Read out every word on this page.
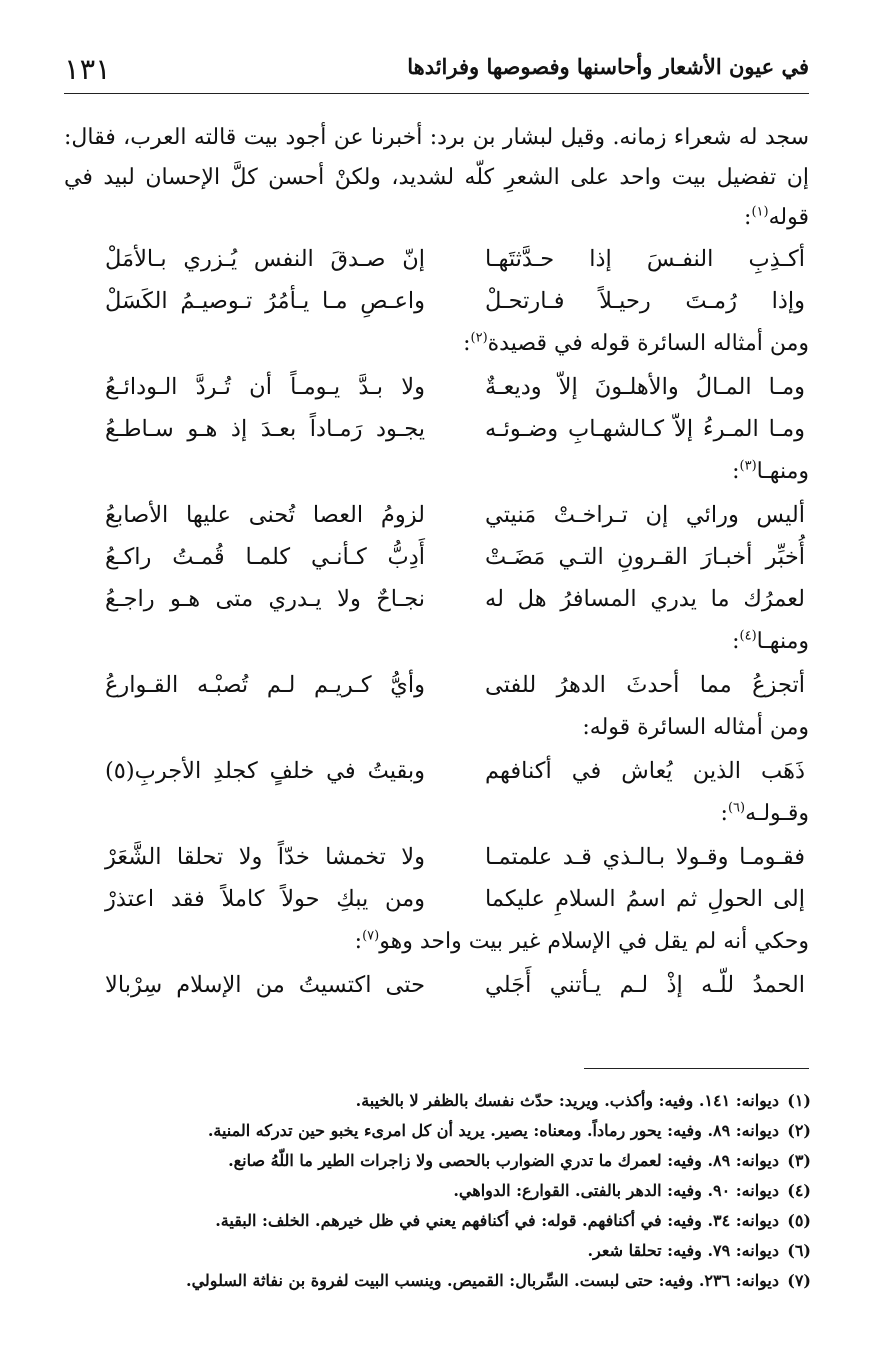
في عيون الأشعار وأحاسنها وفصوصها وفرائدها
١٣١

سجد له شعراء زمانه. وقيل لبشار بن برد: أخبرنا عن أجود بيت قالته العرب، فقال: إن تفضيل بيت واحد على الشعرِ كلّه لشديد، ولكنْ أحسن كلَّ الإحسان لبيد في قوله$^{(١)}$:

أكـذِبِ النفـسَ إذا حـدَّثتَهـا
إنّ صـدقَ النفس يُـزري بـالأمَلْ
وإذا رُمـتَ رحيـلاً فـارتحـلْ
واعـصِ مـا يـأمُرُ تـوصيـمُ الكَسَلْ
ومن أمثاله السائرة قوله في قصيدة$^{(٢)}$:
ومـا المـالُ والأهلـونَ إلاّ وديعـةٌ
ولا بـدَّ يـومـاً أن تُـردَّ الـودائـعُ
ومـا المـرءُ إلاّ كـالشهـابِ وضـوئـه
يجـود رَمـاداً بعـدَ إذ هـو سـاطـعُ
ومنهـا$^{(٣)}$:
أليس ورائي إن تـراخـتْ مَنيتي
لزومُ العصا تُحنى عليها الأصابعُ
أُخبِّر أخبـارَ القـرونِ التـي مَضَـتْ
أَدِبُّ كـأنـي كلمـا قُمـتُ راكـعُ
لعمرُك ما يدري المسافرُ هل له
نجـاحٌ ولا يـدري متى هـو راجـعُ
ومنهـا$^{(٤)}$:
أتجزعُ مما أحدثَ الدهرُ للفتى
وأيُّ كـريـم لـم تُصبْـه القـوارعُ
ومن أمثاله السائرة قوله:
ذَهَب الذين يُعاش في أكنافهم
وبقيتُ في خلفٍ كجلدِ الأجربِ(٥)
وقـولـه$^{(٦)}$:
فقـومـا وقـولا بـالـذي قـد علمتمـا
ولا تخمشا خدّاً ولا تحلقا الشَّعَرْ
إلى الحولِ ثم اسمُ السلامِ عليكما
ومن يبكِ حولاً كاملاً فقد اعتذرْ
وحكي أنه لم يقل في الإسلام غير بيت واحد وهو$^{(٧)}$:
الحمدُ للّـه إذْ لـم يـأتني أَجَلي
حتى اكتسيتُ من الإسلام سِرْبالا
(١)
ديوانه: ١٤١. وفيه: وأكذب. ويريد: حدّث نفسك بالظفر لا بالخيبة.
(٢)
ديوانه: ٨٩. وفيه: يحور رماداً. ومعناه: يصير. يريد أن كل امرىء يخبو حين تدركه المنية.
(٣)
ديوانه: ٨٩. وفيه: لعمرك ما تدري الضوارب بالحصى ولا زاجرات الطير ما اللّهُ صانع.
(٤)
ديوانه: ٩٠. وفيه: الدهر بالفتى. القوارع: الدواهي.
(٥)
ديوانه: ٣٤. وفيه: في أكنافهم. قوله: في أكنافهم يعني في ظل خيرهم. الخلف: البقية.
(٦)
ديوانه: ٧٩. وفيه: تحلقا شعر.
(٧)
ديوانه: ٢٣٦. وفيه: حتى لبست. السِّربال: القميص. وينسب البيت لفروة بن نفاثة السلولي.
